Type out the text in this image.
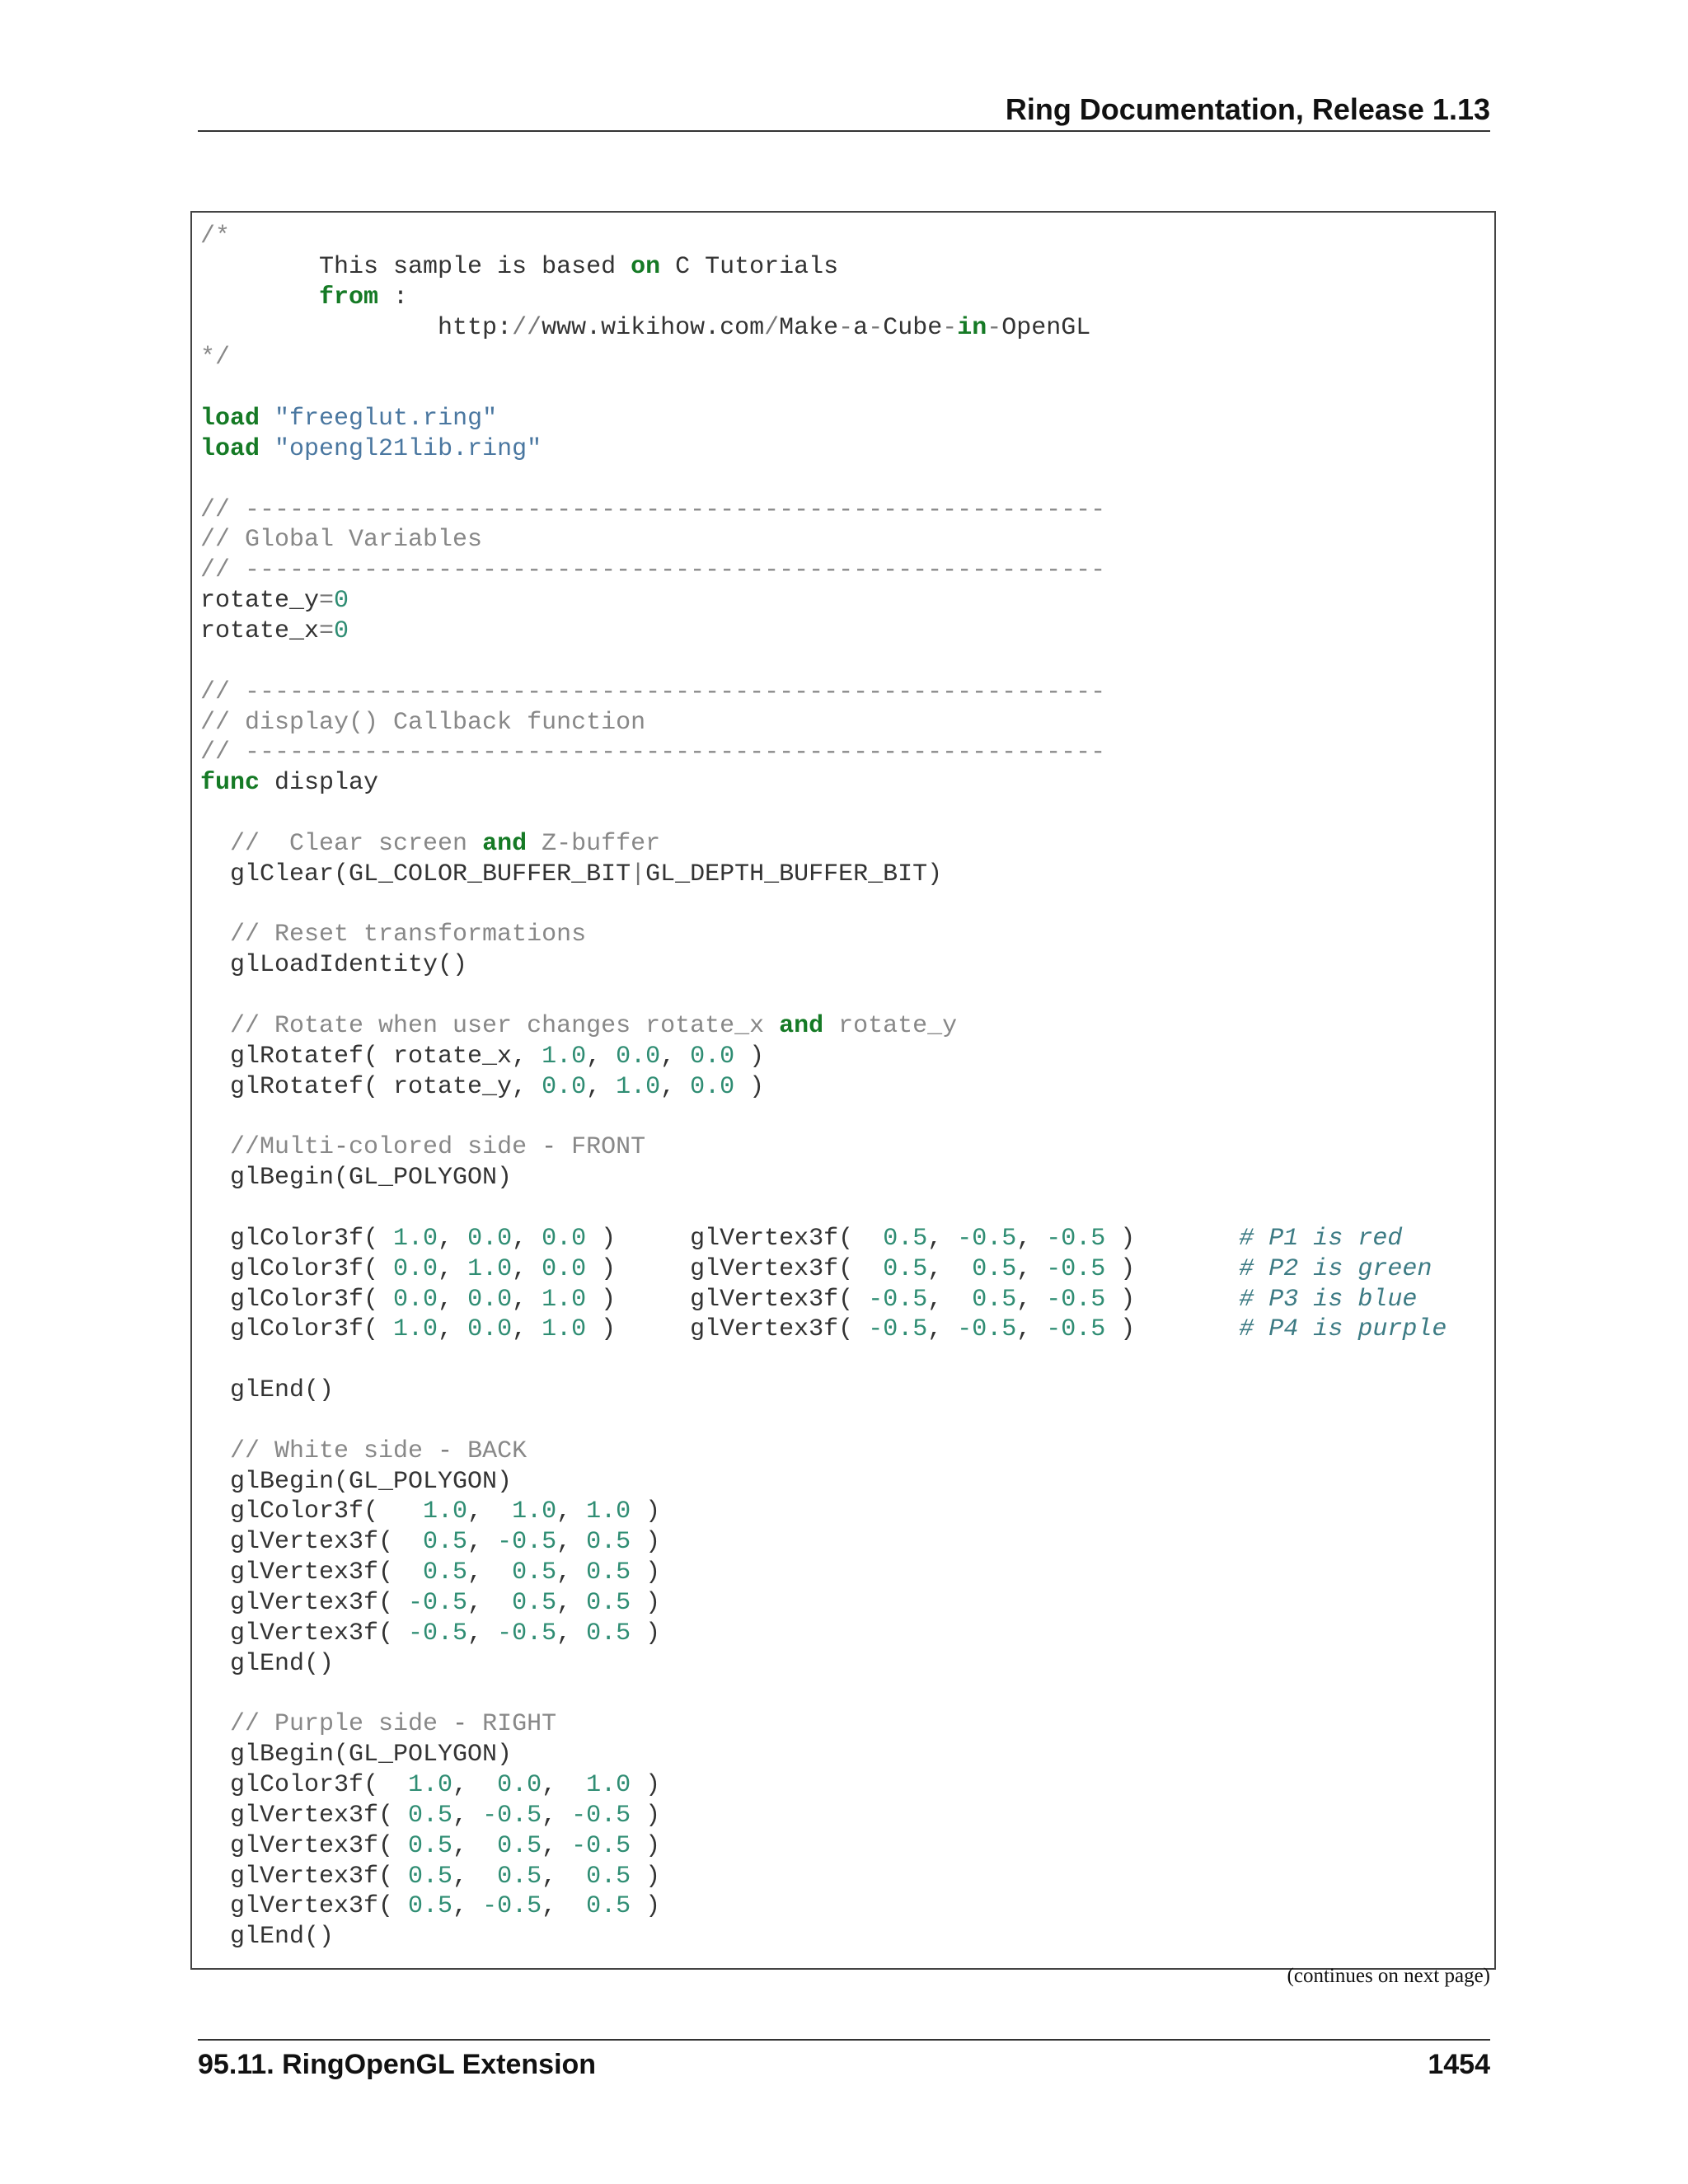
Ring Documentation, Release 1.13
/*
This sample is based on C Tutorials
from :
http://www.wikihow.com/Make-a-Cube-in-OpenGL
*/
load "freeglut.ring"
load "opengl21lib.ring"
// ----------------------------------------------------------
// Global Variables
// ----------------------------------------------------------
rotate_y=0
rotate_x=0
// ----------------------------------------------------------
// display() Callback function
// ----------------------------------------------------------
func display
//  Clear screen and Z-buffer
glClear(GL_COLOR_BUFFER_BIT|GL_DEPTH_BUFFER_BIT)
// Reset transformations
glLoadIdentity()
// Rotate when user changes rotate_x and rotate_y
glRotatef( rotate_x, 1.0, 0.0, 0.0 )
glRotatef( rotate_y, 0.0, 1.0, 0.0 )
//Multi-colored side - FRONT
glBegin(GL_POLYGON)
glColor3f( 1.0, 0.0, 0.0 )     glVertex3f(  0.5, -0.5, -0.5 )       # P1 is red
glColor3f( 0.0, 1.0, 0.0 )     glVertex3f(  0.5,  0.5, -0.5 )       # P2 is green
glColor3f( 0.0, 0.0, 1.0 )     glVertex3f( -0.5,  0.5, -0.5 )       # P3 is blue
glColor3f( 1.0, 0.0, 1.0 )     glVertex3f( -0.5, -0.5, -0.5 )       # P4 is purple
glEnd()
// White side - BACK
glBegin(GL_POLYGON)
glColor3f(   1.0,  1.0, 1.0 )
glVertex3f(  0.5, -0.5, 0.5 )
glVertex3f(  0.5,  0.5, 0.5 )
glVertex3f( -0.5,  0.5, 0.5 )
glVertex3f( -0.5, -0.5, 0.5 )
glEnd()
// Purple side - RIGHT
glBegin(GL_POLYGON)
glColor3f(  1.0,  0.0,  1.0 )
glVertex3f( 0.5, -0.5, -0.5 )
glVertex3f( 0.5,  0.5, -0.5 )
glVertex3f( 0.5,  0.5,  0.5 )
glVertex3f( 0.5, -0.5,  0.5 )
glEnd()
(continues on next page)
95.11. RingOpenGL Extension	1454
